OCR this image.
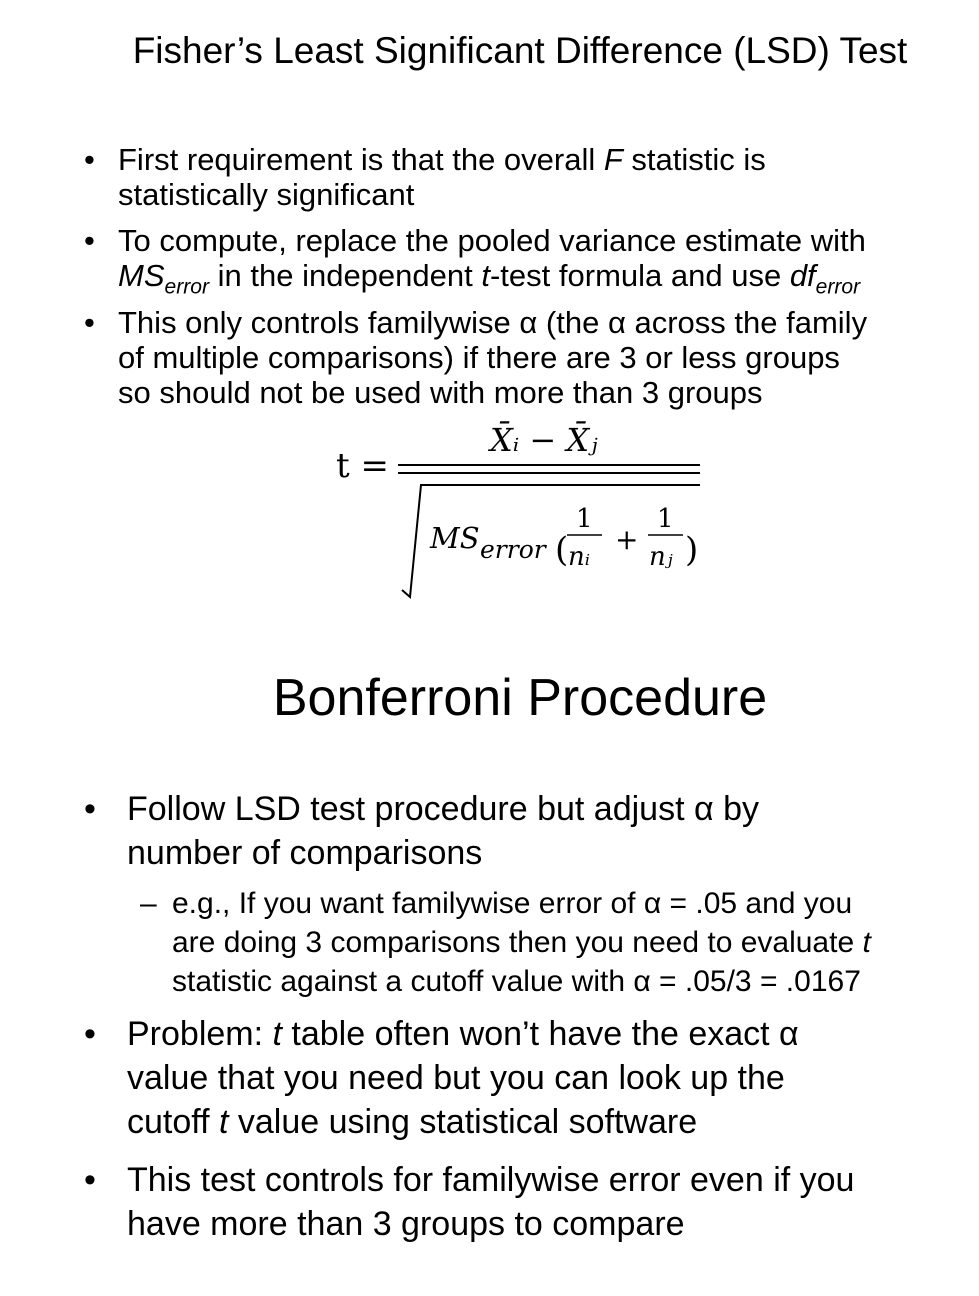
Fisher’s Least Significant Difference (LSD) Test
• First requirement is that the overall F statistic is
statistically significant
• To compute, replace the pooled variance estimate with
$MS_{error}$ in the independent t-test formula and use $df_{error}$
• This only controls familywise α (the α across the family
of multiple comparisons) if there are 3 or less groups
so should not be used with more than 3 groups
t =
X̄ᵢ − X̄ⱼ
MS error (
1
nᵢ
+
1
nⱼ )
Bonferroni Procedure
• Follow LSD test procedure but adjust α by
number of comparisons
– e.g., If you want familywise error of α = .05 and you
are doing 3 comparisons then you need to evaluate t
statistic against a cutoff value with α = .05/3 = .0167
• Problem: t table often won’t have the exact α
value that you need but you can look up the
cutoff t value using statistical software
• This test controls for familywise error even if you
have more than 3 groups to compare
